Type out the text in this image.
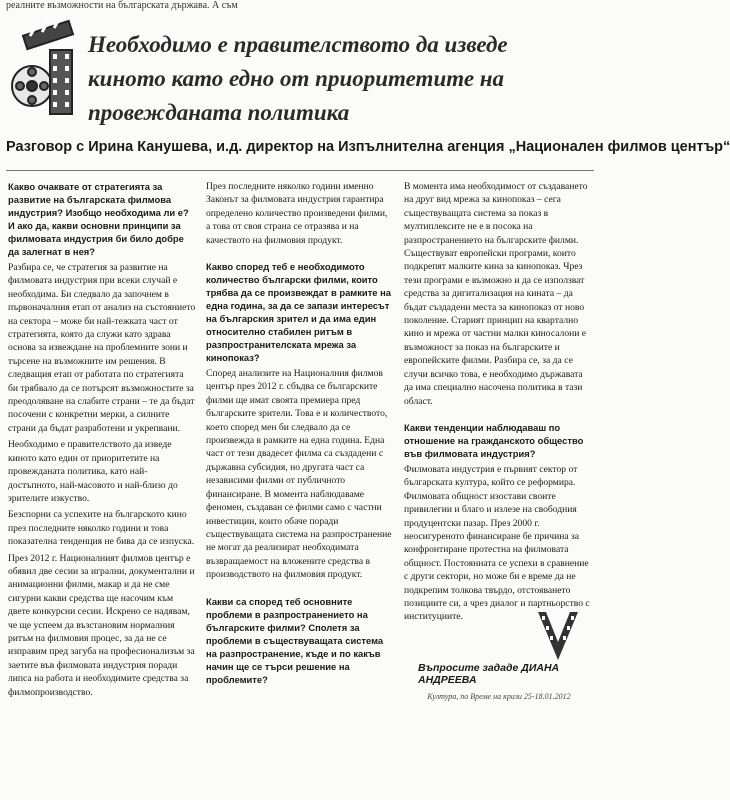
реалните възможности на българската държава. А съм
Необходимо е правителството да изведе киното като едно от приоритетите на провежданата политика
Разговор с Ирина Канушева, и.д. директор на Изпълнителна агенция „Национален филмов център“

Какво очаквате от стратегията за развитие на българската филмова индустрия? Изобщо необходима ли е? И ако да, какви основни принципи за филмовата индустрия би било добре да залегнат в нея?

Разбира се, че стратегия за развитие на филмовата индустрия при всеки случай е необходима. Би следвало да започнем в първоначалния етап от анализ на състоянието на сектора – може би най-тежката част от стратегията, която да служи като здрава основа за извеждане на проблемните зони и търсене на възможните им решения. В следващия етап от работата по стратегията би трябвало да се потърсят възможностите за преодоляване на слабите страни – те да бъдат посочени с конкретни мерки, а силните страни да бъдат разработени и укрепвани.

Необходимо е правителството да изведе киното като един от приоритетите на провежданата политика, като най-достъпното, най-масовото и най-близо до зрителите изкуство.

Безспорни са успехите на българското кино през последните няколко години и това показателна тенденция не бива да се изпуска.

През 2012 г. Националният филмов център е обявил две сесии за игрални, документални и анимационни филми, макар и да не сме сигурни какви средства ще насочим към двете конкурсни сесии. Искрено се надявам, че ще успеем да възстановим нормалния ритъм на филмовия процес, за да не се изправим пред загуба на професионализъм за заетите във филмовата индустрия поради липса на работа и необходимите средства за филмопроизводство.

През последните няколко години именно Законът за филмовата индустрия гарантира определено количество произведени филми, а това от своя страна се отразява и на качеството на филмовия продукт.

Какво според теб е необходимото количество български филми, които трябва да се произвеждат в рамките на една година, за да се запази интересът на българския зрител и да има един относително стабилен ритъм в разпространителската мрежа за кинопоказ?

Според анализите на Националния филмов център през 2012 г. сбъдва се българските филми ще имат своята премиера пред българските зрители. Това е и количеството, което според мен би следвало да се произвежда в рамките на една година. Една част от тези двадесет филма са създадени с държавна субсидия, но другата част са независими филми от публичното финансиране. В момента наблюдаваме феномен, създаван се филми само с частни инвестиции, които обаче поради съществуващата система на разпространение не могат да реализират необходимата възвращаемост на вложените средства в производството на филмовия продукт.

Какви са според теб основните проблеми в разпространението на българските филми? Сполетя за проблеми в съществуващата система на разпространение, къде и по какъв начин ще се търси решение на проблемите?

В момента има необходимост от създаването на друг вид мрежа за кинопоказ – сега съществуващата система за показ в мултиплексите не е в посока на разпространението на българските филми. Съществуват европейски програми, които подкрепят малките кина за кинопоказ. Чрез тези програми е възможно и да се използват средства за дигитализация на кината – да бъдат създадени места за кинопоказ от ново поколение. Старият принцип на квартално кино и мрежа от частни малки киносалони е възможност за показ на българските и европейските филми. Разбира се, за да се случи всичко това, е необходимо държавата да има специално насочена политика в тази област.

Какви тенденции наблюдаваш по отношение на гражданското общество във филмовата индустрия?

Филмовата индустрия е първият сектор от българската култура, който се реформира. Филмовата общност изостави своите привилегии и благо и излезе на свободния продуцентски пазар. През 2000 г. неосигуреното финансиране бе причина за конфронтиране протестна на филмовата общност. Постоянната се успехи в сравнение с други сектори, но може би е време да не подкрепим толкова твърдо, отстояването позициите си, а чрез диалог и партньорство с институциите.

Въпросите зададе ДИАНА АНДРЕЕВА
Култура, по Време на кризи 25-18.01.2012
